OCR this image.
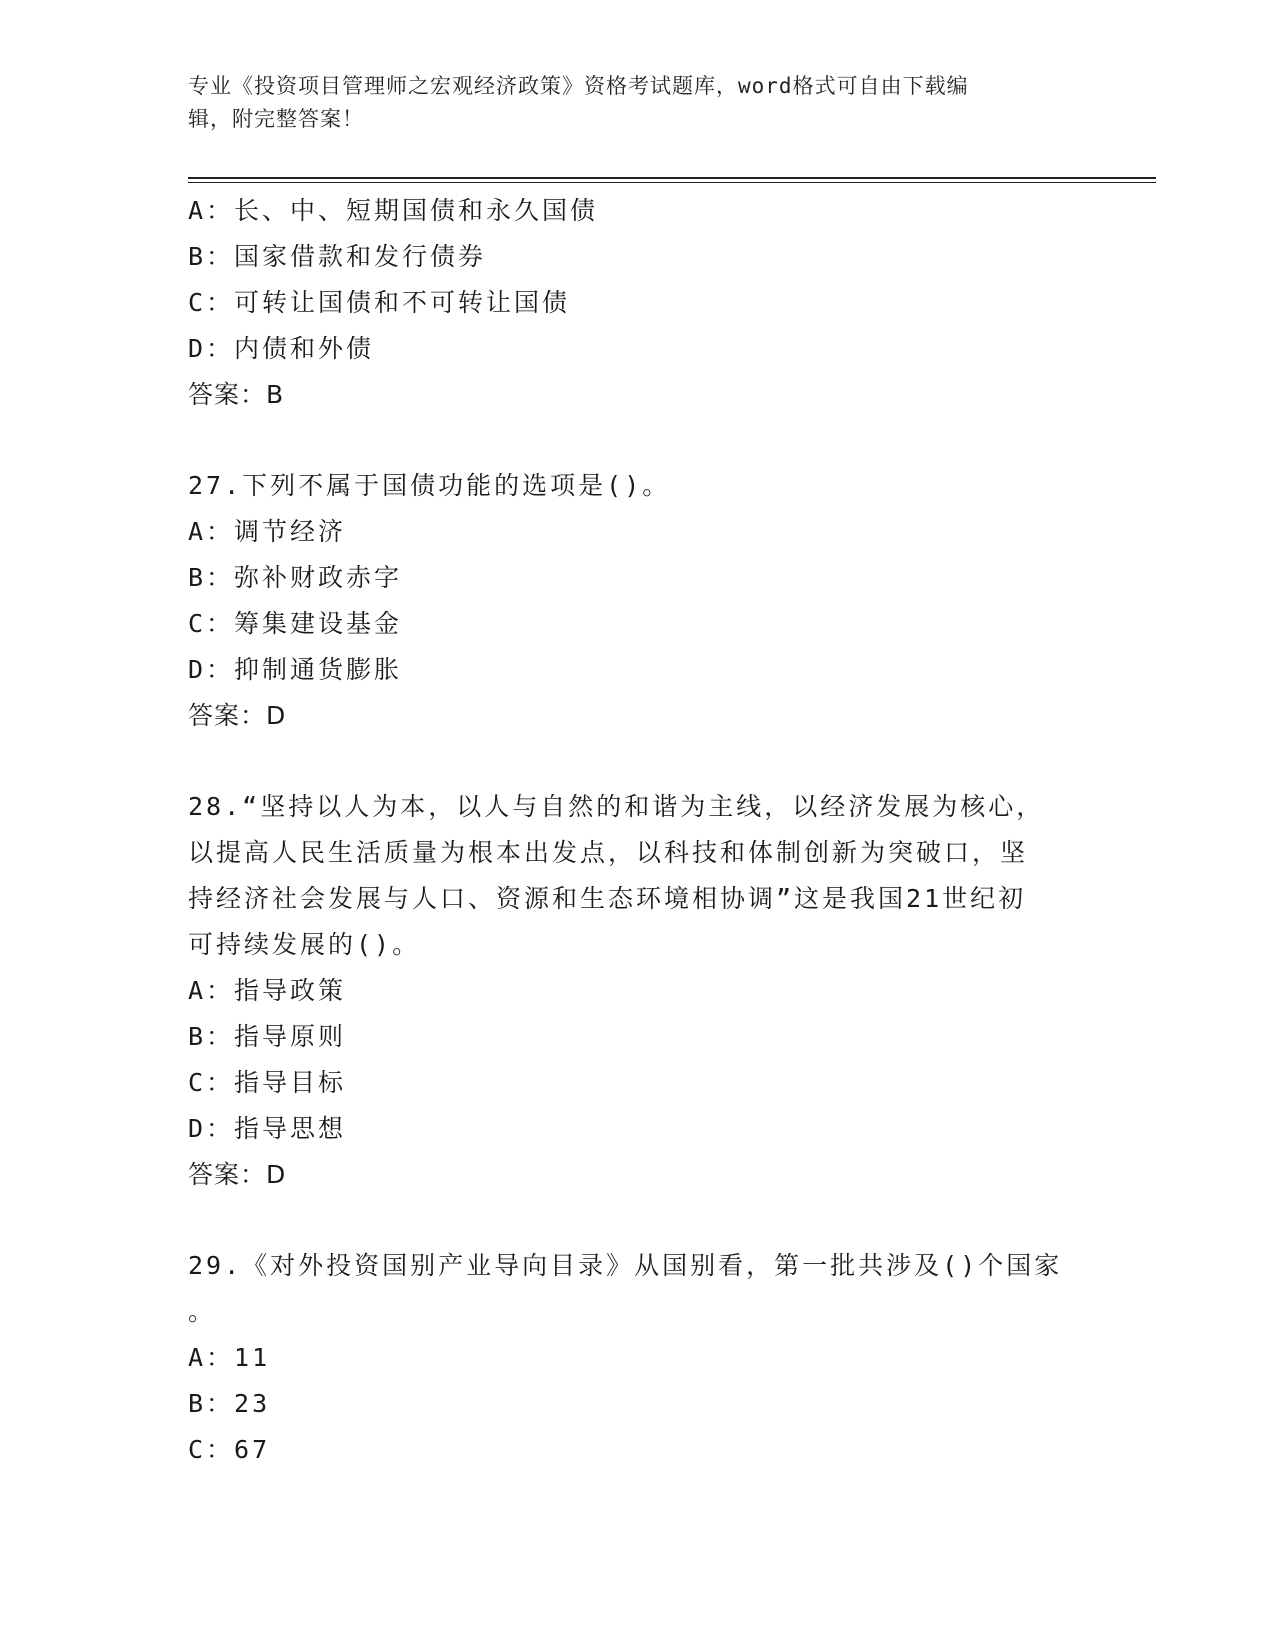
专业《投资项目管理师之宏观经济政策》资格考试题库，word格式可自由下载编
辑，附完整答案！
A：长、中、短期国债和永久国债
B：国家借款和发行债券
C：可转让国债和不可转让国债
D：内债和外债
答案：B
27.下列不属于国债功能的选项是()。
A：调节经济
B：弥补财政赤字
C：筹集建设基金
D：抑制通货膨胀
答案：D
28.“坚持以人为本，以人与自然的和谐为主线，以经济发展为核心，
以提高人民生活质量为根本出发点，以科技和体制创新为突破口，坚
持经济社会发展与人口、资源和生态环境相协调”这是我国21世纪初
可持续发展的()。
A：指导政策
B：指导原则
C：指导目标
D：指导思想
答案：D
29.《对外投资国别产业导向目录》从国别看，第一批共涉及()个国家
。
A：11
B：23
C：67
